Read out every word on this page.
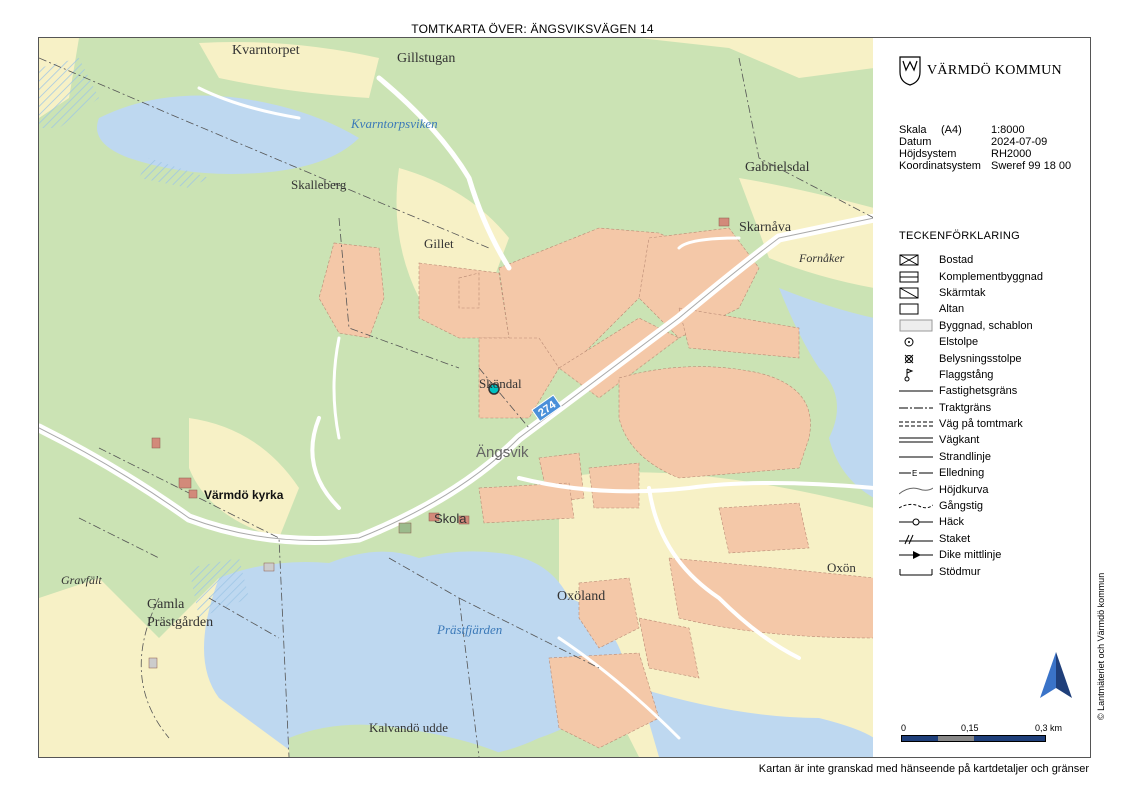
TOMTKARTA ÖVER: ÄNGSVIKSVÄGEN 14
274
Kvarntorpet
Gillstugan
Kvarntorpsviken
Gabrielsdal
Skalleberg
Skarnåva
Gillet
Fornåker
Sköndal
Ängsvik
Värmdö kyrka
Skola
Gravfält
Gamla
Prästgården
Oxöland
Oxön
Prästfjärden
Kalvandö udde
VÄRMDÖ KOMMUN
Skala	(A4)	1:8000
Datum	2024-07-09
Höjdsystem	RH2000
Koordinatsystem Sweref 99 18 00
TECKENFÖRKLARING
Bostad
Komplementbyggnad
Skärmtak
Altan
Byggnad, schablon
Elstolpe
Belysningsstolpe
Flaggstång
Fastighetsgräns
Traktgräns
Väg på tomtmark
Vägkant
Strandlinje
E Elledning
Höjdkurva
Gångstig
Häck
Staket
Dike mittlinje
Stödmur
0	0,15	0,3 km
© Lantmäteriet och Värmdö kommun
Kartan är inte granskad med hänseende på kartdetaljer och gränser
